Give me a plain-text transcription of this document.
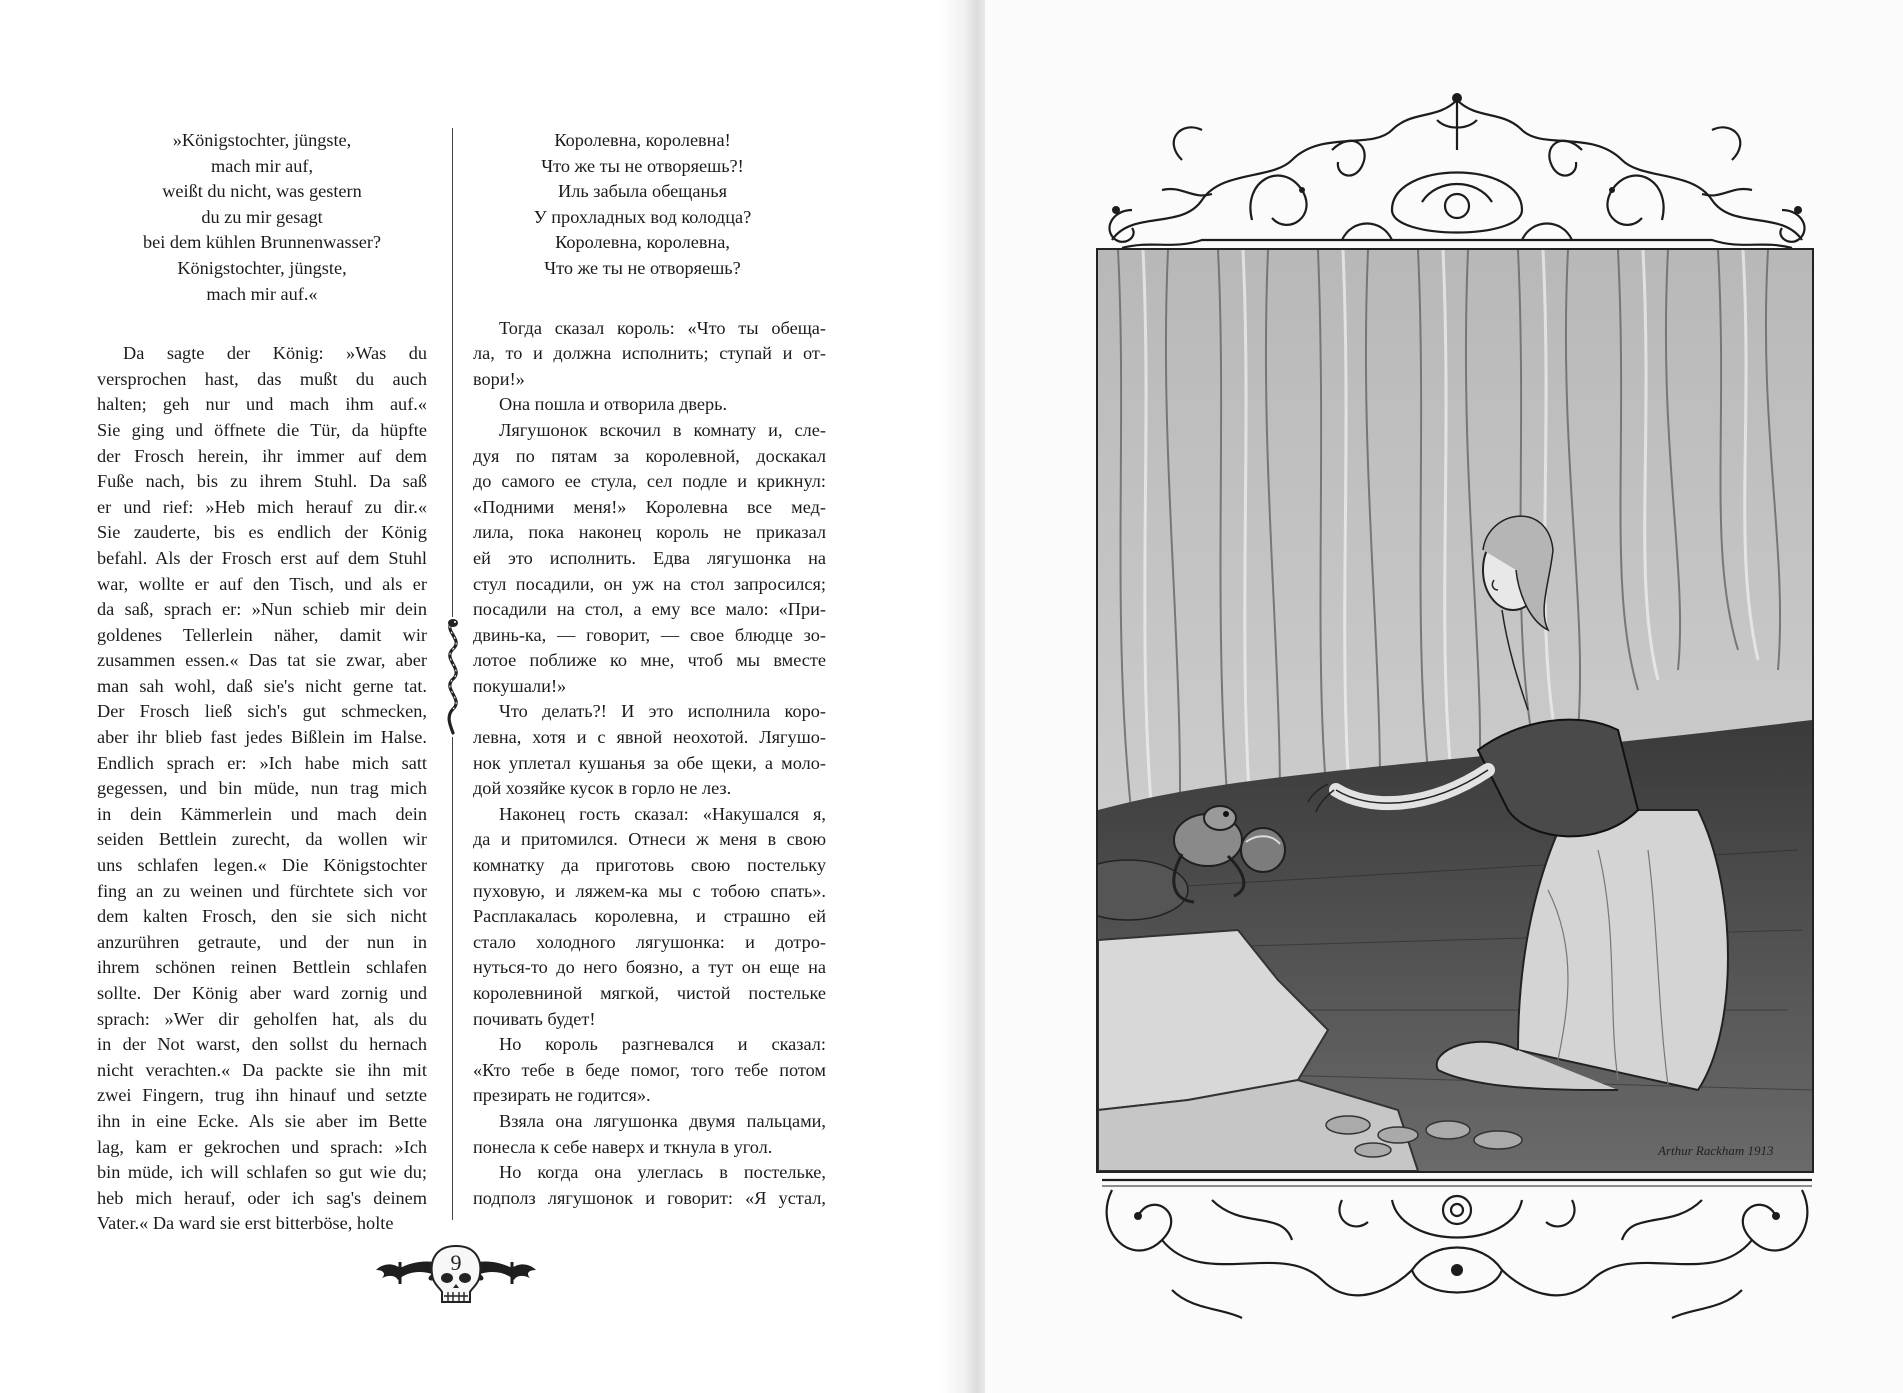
»Königstochter, jüngste,
mach mir auf,
weißt du nicht, was gestern
du zu mir gesagt
bei dem kühlen Brunnenwasser?
Königstochter, jüngste,
mach mir auf.«
Da sagte der König: »Was du
versprochen hast, das mußt du auch
halten; geh nur und mach ihm auf.«
Sie ging und öffnete die Tür, da hüpfte
der Frosch herein, ihr immer auf dem
Fuße nach, bis zu ihrem Stuhl. Da saß
er und rief: »Heb mich herauf zu dir.«
Sie zauderte, bis es endlich der König
befahl. Als der Frosch erst auf dem Stuhl
war, wollte er auf den Tisch, und als er
da saß, sprach er: »Nun schieb mir dein
goldenes Tellerlein näher, damit wir
zusammen essen.« Das tat sie zwar, aber
man sah wohl, daß sie's nicht gerne tat.
Der Frosch ließ sich's gut schmecken,
aber ihr blieb fast jedes Bißlein im Halse.
Endlich sprach er: »Ich habe mich satt
gegessen, und bin müde, nun trag mich
in dein Kämmerlein und mach dein
seiden Bettlein zurecht, da wollen wir
uns schlafen legen.« Die Königstochter
fing an zu weinen und fürchtete sich vor
dem kalten Frosch, den sie sich nicht
anzurühren getraute, und der nun in
ihrem schönen reinen Bettlein schlafen
sollte. Der König aber ward zornig und
sprach: »Wer dir geholfen hat, als du
in der Not warst, den sollst du hernach
nicht verachten.« Da packte sie ihn mit
zwei Fingern, trug ihn hinauf und setzte
ihn in eine Ecke. Als sie aber im Bette
lag, kam er gekrochen und sprach: »Ich
bin müde, ich will schlafen so gut wie du;
heb mich herauf, oder ich sag's deinem
Vater.« Da ward sie erst bitterböse, holte
Королевна, королевна!
Что же ты не отворяешь?!
Иль забыла обещанья
У прохладных вод колодца?
Королевна, королевна,
Что же ты не отворяешь?
Тогда сказал король: «Что ты обеща-
ла, то и должна исполнить; ступай и от-
вори!»
Она пошла и отворила дверь.
Лягушонок вскочил в комнату и, сле-
дуя по пятам за королевной, доскакал
до самого ее стула, сел подле и крикнул:
«Подними меня!» Королевна все мед-
лила, пока наконец король не приказал
ей это исполнить. Едва лягушонка на
стул посадили, он уж на стол запросился;
посадили на стол, а ему все мало: «При-
двинь-ка, — говорит, — свое блюдце зо-
лотое поближе ко мне, чтоб мы вместе
покушали!»
Что делать?! И это исполнила коро-
левна, хотя и с явной неохотой. Лягушо-
нок уплетал кушанья за обе щеки, а моло-
дой хозяйке кусок в горло не лез.
Наконец гость сказал: «Накушался я,
да и притомился. Отнеси ж меня в свою
комнатку да приготовь свою постельку
пуховую, и ляжем-ка мы с тобою спать».
Расплакалась королевна, и страшно ей
стало холодного лягушонка: и дотро-
нуться-то до него боязно, а тут он еще на
королевниной мягкой, чистой постельке
почивать будет!
Но король разгневался и сказал:
«Кто тебе в беде помог, того тебе потом
презирать не годится».
Взяла она лягушонка двумя пальцами,
понесла к себе наверх и ткнула в угол.
Но когда она улеглась в постельке,
подполз лягушонок и говорит: «Я устал,
9
Arthur Rackham 1913
